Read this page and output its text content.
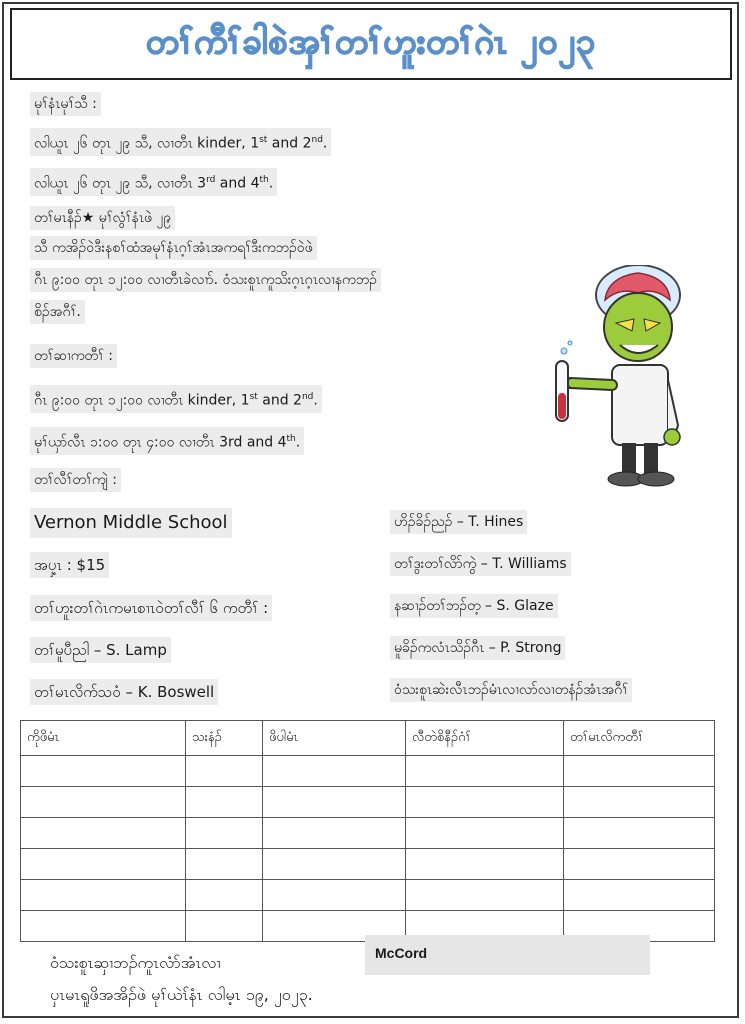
တၢ်ကီၢ်ခါစဲအှၢ်တၢ်ဟူးတၢ်ဂဲၤ ၂၀၂၃
မုၢ်နံၤမုၢ်သီ :
လါယူၤ ၂၆ တုၤ ၂၉ သီ, လၢတီၤ kinder, 1st and 2nd.
လါယူၤ ၂၆ တုၤ ၂၉ သီ, လၢတီၤ 3rd and 4th.
တၢ်မၤနီၣ်★ မုၢ်လွံၢ်နံၤဖဲ ၂၉
သီ ကအိၣ်ဝဲဒီးနစၢ်ထံအမုၢ်နံၤဂ့ၢ်အံၤအကရၢ်ဒီးကဘၣ်ဝဲဖဲ
ဂီၤ ၉:၀၀ တုၤ ၁၂:၀၀ လၢတီၤခဲလၢာ်. ဝံသးစူၤကူသိးဂ့ၤဂ့ၤလၢနကဘၣ်
စိၣ်အဂီၢ်.
တၢ်ဆၢကတီၢ် :
ဂီၤ ၉:၀၀ တုၤ ၁၂:၀၀ လၢတီၤ kinder, 1st and 2nd.
မုၢ်ယှာ်လီၤ ၁:၀၀ တုၤ ၄:၀၀ လၢတီၤ 3rd and 4th.
တၢ်လီၢ်တၢ်ကျဲ :
Vernon Middle School
အပှ့ၤ : $15
တၢ်ဟူးတၢ်ဂဲၤကမၤစၢၤဝဲတၢ်လီၢ် ၆ ကတီၢ် :
တၢ်မူပီညါ – S. Lamp
တၢ်မၤလိက်သဝံ – K. Boswell
ဟိၣ်ခိၣ်ညၣ် – T. Hines
တၢ်ဒွးတၢ်လိာ်ကွဲ – T. Williams
နဆၢၣ်တၢ်ဘၣ်တ့ – S. Glaze
မူခိၣ်ကလံၤသိၣ်ဂီၤ – P. Strong
ဝံသးစူၤဆဲးလီၤဘၣ်မံၤလၢလာ်လၢတနံၣ်အံၤအဂီၢ်
ကိုဖိမံၤ	သးနံၣ်	ဖိပါမံၤ	လီတဲစိနီၣ်ဂံၢ်	တၢ်မၤလိကတီၢ်

McCord
ဝံသးစူၤဆှၢဘၣ်ကူၤလံာ်အံၤလၢ
ပှၤမၤရူဖိအအိၣ်ဖဲ မုၢ်ယဲၤ်နံၤ လါမ့ၤ ၁၉, ၂၀၂၃.
